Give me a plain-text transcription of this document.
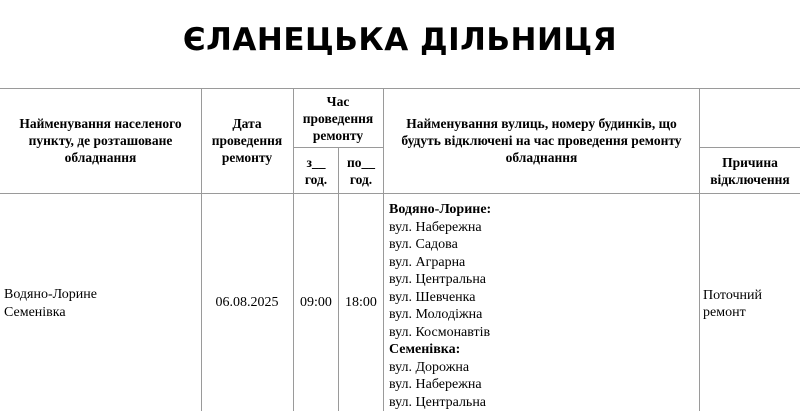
ЄЛАНЕЦЬКА ДІЛЬНИЦЯ
Найменування населеного пункту, де розташоване обладнання
Дата проведення ремонту
Час проведення ремонту
з__ год.
по__ год.
Найменування вулиць, номеру будинків, що будуть відключені на час проведення ремонту обладнання	Причина відключення
Водяно-Лорине
Семенівка
06.08.2025	09:00 18:00
Водяно-Лорине:
вул. Набережна
вул. Садова
вул. Аграрна
вул. Центральна
вул. Шевченка
вул. Молодіжна
вул. Космонавтів
Семенівка:
вул. Дорожна
вул. Набережна
вул. Центральна
Поточний ремонт
